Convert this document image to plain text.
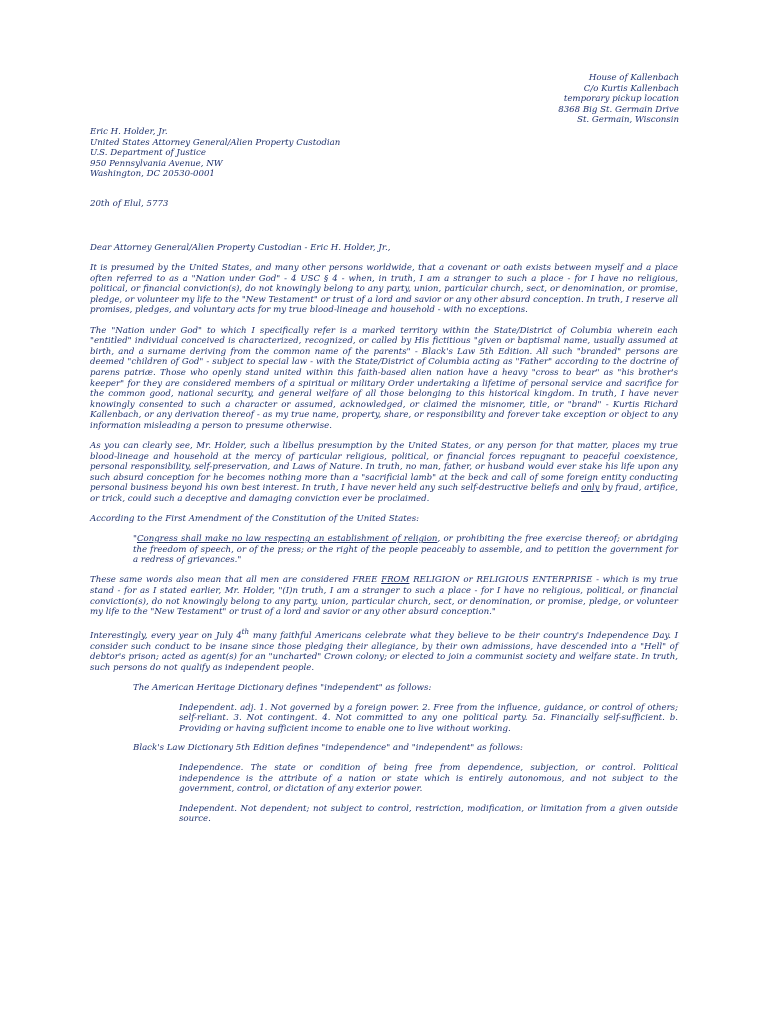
House of Kallenbach
C/o Kurtis Kallenbach
temporary pickup location
8368 Big St. Germain Drive
St. Germain, Wisconsin
Eric H. Holder, Jr.
United States Attorney General/Alien Property Custodian
U.S. Department of Justice
950 Pennsylvania Avenue, NW
Washington, DC 20530-0001
20th of Elul, 5773

Dear Attorney General/Alien Property Custodian - Eric H. Holder, Jr.,

It is presumed by the United States, and many other persons worldwide, that a covenant or oath exists between myself and a place often referred to as a "Nation under God" - 4 USC § 4 - when, in truth, I am a stranger to such a place - for I have no religious, political, or financial conviction(s), do not knowingly belong to any party, union, particular church, sect, or denomination, or promise, pledge, or volunteer my life to the "New Testament" or trust of a lord and savior or any other absurd conception. In truth, I reserve all promises, pledges, and voluntary acts for my true blood-lineage and household - with no exceptions.

The "Nation under God" to which I specifically refer is a marked territory within the State/District of Columbia wherein each "entitled" individual conceived is characterized, recognized, or called by His fictitious "given or baptismal name, usually assumed at birth, and a surname deriving from the common name of the parents" - Black's Law 5th Edition. All such "branded" persons are deemed "children of God" - subject to special law - with the State/District of Columbia acting as "Father" according to the doctrine of parens patriæ. Those who openly stand united within this faith-based alien nation have a heavy "cross to bear" as "his brother's keeper" for they are considered members of a spiritual or military Order undertaking a lifetime of personal service and sacrifice for the common good, national security, and general welfare of all those belonging to this historical kingdom. In truth, I have never knowingly consented to such a character or assumed, acknowledged, or claimed the misnomer, title, or "brand" - Kurtis Richard Kallenbach, or any derivation thereof - as my true name, property, share, or responsibility and forever take exception or object to any information misleading a person to presume otherwise.

As you can clearly see, Mr. Holder, such a libellus presumption by the United States, or any person for that matter, places my true blood-lineage and household at the mercy of particular religious, political, or financial forces repugnant to peaceful coexistence, personal responsibility, self-preservation, and Laws of Nature. In truth, no man, father, or husband would ever stake his life upon any such absurd conception for he becomes nothing more than a "sacrificial lamb" at the beck and call of some foreign entity conducting personal business beyond his own best interest. In truth, I have never held any such self-destructive beliefs and only by fraud, artifice, or trick, could such a deceptive and damaging conviction ever be proclaimed.

According to the First Amendment of the Constitution of the United States:

"Congress shall make no law respecting an establishment of religion, or prohibiting the free exercise thereof; or abridging the freedom of speech, or of the press; or the right of the people peaceably to assemble, and to petition the government for a redress of grievances."

These same words also mean that all men are considered FREE FROM RELIGION or RELIGIOUS ENTERPRISE - which is my true stand - for as I stated earlier, Mr. Holder, "(I)n truth, I am a stranger to such a place - for I have no religious, political, or financial conviction(s), do not knowingly belong to any party, union, particular church, sect, or denomination, or promise, pledge, or volunteer my life to the "New Testament" or trust of a lord and savior or any other absurd conception."

Interestingly, every year on July 4th many faithful Americans celebrate what they believe to be their country's Independence Day. I consider such conduct to be insane since those pledging their allegiance, by their own admissions, have descended into a "Hell" of debtor's prison; acted as agent(s) for an "uncharted" Crown colony; or elected to join a communist society and welfare state. In truth, such persons do not qualify as independent people.

The American Heritage Dictionary defines "independent" as follows:
Independent. adj. 1. Not governed by a foreign power. 2. Free from the influence, guidance, or control of others; self-reliant. 3. Not contingent. 4. Not committed to any one political party. 5a. Financially self-sufficient. b. Providing or having sufficient income to enable one to live without working.
Black's Law Dictionary 5th Edition defines "independence" and "independent" as follows:
Independence. The state or condition of being free from dependence, subjection, or control. Political independence is the attribute of a nation or state which is entirely autonomous, and not subject to the government, control, or dictation of any exterior power.
Independent. Not dependent; not subject to control, restriction, modification, or limitation from a given outside source.
